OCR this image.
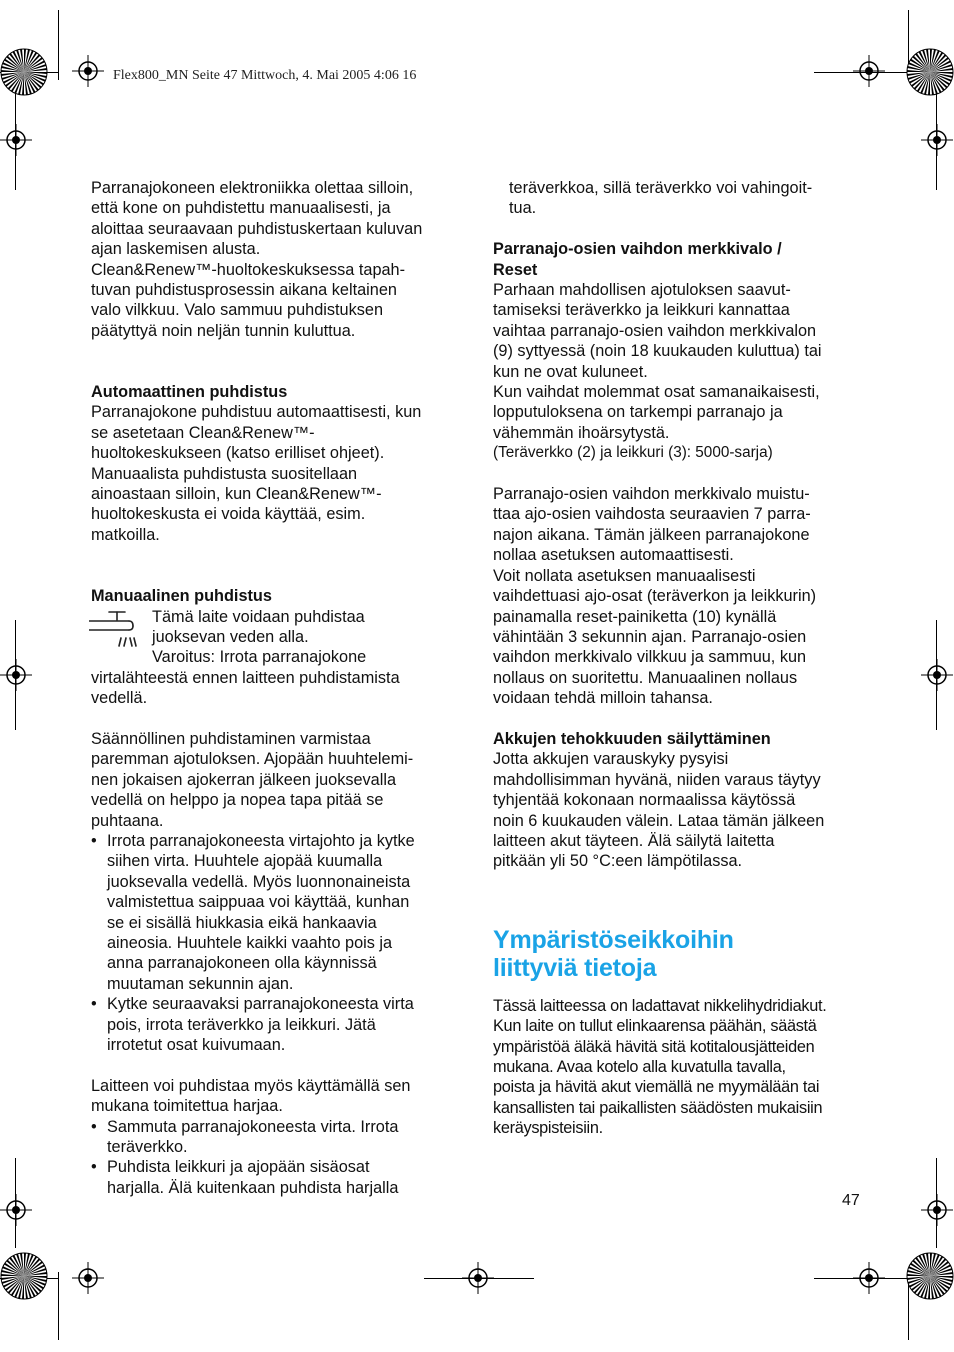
Flex800_MN Seite 47 Mittwoch, 4. Mai 2005 4:06 16

Parranajokoneen elektroniikka olettaa silloin,

että kone on puhdistettu manuaalisesti, ja

aloittaa seuraavaan puhdistuskertaan kuluvan

ajan laskemisen alusta.

Clean&Renew™-huoltokeskuksessa tapah-

tuvan puhdistusprosessin aikana keltainen

valo vilkkuu. Valo sammuu puhdistuksen

päätyttyä noin neljän tunnin kuluttua.

Automaattinen puhdistus

Parranajokone puhdistuu automaattisesti, kun

se asetetaan Clean&Renew™-

huoltokeskukseen (katso erilliset ohjeet).

Manuaalista puhdistusta suositellaan

ainoastaan silloin, kun Clean&Renew™-

huoltokeskusta ei voida käyttää, esim.

matkoilla.

Manuaalinen puhdistus

Tämä laite voidaan puhdistaa

juoksevan veden alla.

Varoitus: Irrota parranajokone

virtalähteestä ennen laitteen puhdistamista

vedellä.

Säännöllinen puhdistaminen varmistaa

paremman ajotuloksen. Ajopään huuhtelemi-

nen jokaisen ajokerran jälkeen juoksevalla

vedellä on helppo ja nopea tapa pitää se

puhtaana.

• Irrota parranajokoneesta virtajohto ja kytke
siihen virta. Huuhtele ajopää kuumalla
juoksevalla vedellä. Myös luonnonaineista
valmistettua saippuaa voi käyttää, kunhan
se ei sisällä hiukkasia eikä hankaavia
aineosia. Huuhtele kaikki vaahto pois ja
anna parranajokoneen olla käynnissä
muutaman sekunnin ajan.
• Kytke seuraavaksi parranajokoneesta virta
pois, irrota teräverkko ja leikkuri. Jätä
irrotetut osat kuivumaan.

Laitteen voi puhdistaa myös käyttämällä sen

mukana toimitettua harjaa.

• Sammuta parranajokoneesta virta. Irrota
teräverkko.
• Puhdista leikkuri ja ajopään sisäosat
harjalla. Älä kuitenkaan puhdista harjalla

teräverkkoa, sillä teräverkko voi vahingoit-

tua.

Parranajo-osien vaihdon merkkivalo /

Reset

Parhaan mahdollisen ajotuloksen saavut-

tamiseksi teräverkko ja leikkuri kannattaa

vaihtaa parranajo-osien vaihdon merkkivalon

(9) syttyessä (noin 18 kuukauden kuluttua) tai

kun ne ovat kuluneet.

Kun vaihdat molemmat osat samanaikaisesti,

lopputuloksena on tarkempi parranajo ja

vähemmän ihoärsytystä.

(Teräverkko (2) ja leikkuri (3): 5000-sarja)

Parranajo-osien vaihdon merkkivalo muistu-

ttaa ajo-osien vaihdosta seuraavien 7 parra-

najon aikana. Tämän jälkeen parranajokone

nollaa asetuksen automaattisesti.

Voit nollata asetuksen manuaalisesti

vaihdettuasi ajo-osat (teräverkon ja leikkurin)

painamalla reset-painiketta (10) kynällä

vähintään 3 sekunnin ajan. Parranajo-osien

vaihdon merkkivalo vilkkuu ja sammuu, kun

nollaus on suoritettu. Manuaalinen nollaus

voidaan tehdä milloin tahansa.

Akkujen tehokkuuden säilyttäminen

Jotta akkujen varauskyky pysyisi

mahdollisimman hyvänä, niiden varaus täytyy

tyhjentää kokonaan normaalissa käytössä

noin 6 kuukauden välein. Lataa tämän jälkeen

laitteen akut täyteen. Älä säilytä laitetta

pitkään yli 50 °C:een lämpötilassa.

Ympäristöseikkoihin

liittyviä tietoja

Tässä laitteessa on ladattavat nikkelihydridiakut.

Kun laite on tullut elinkaarensa päähän, säästä

ympäristöä äläkä hävitä sitä kotitalousjätteiden

mukana. Avaa kotelo alla kuvatulla tavalla,

poista ja hävitä akut viemällä ne myymälään tai

kansallisten tai paikallisten säädösten mukaisiin

keräyspisteisiin.

47
